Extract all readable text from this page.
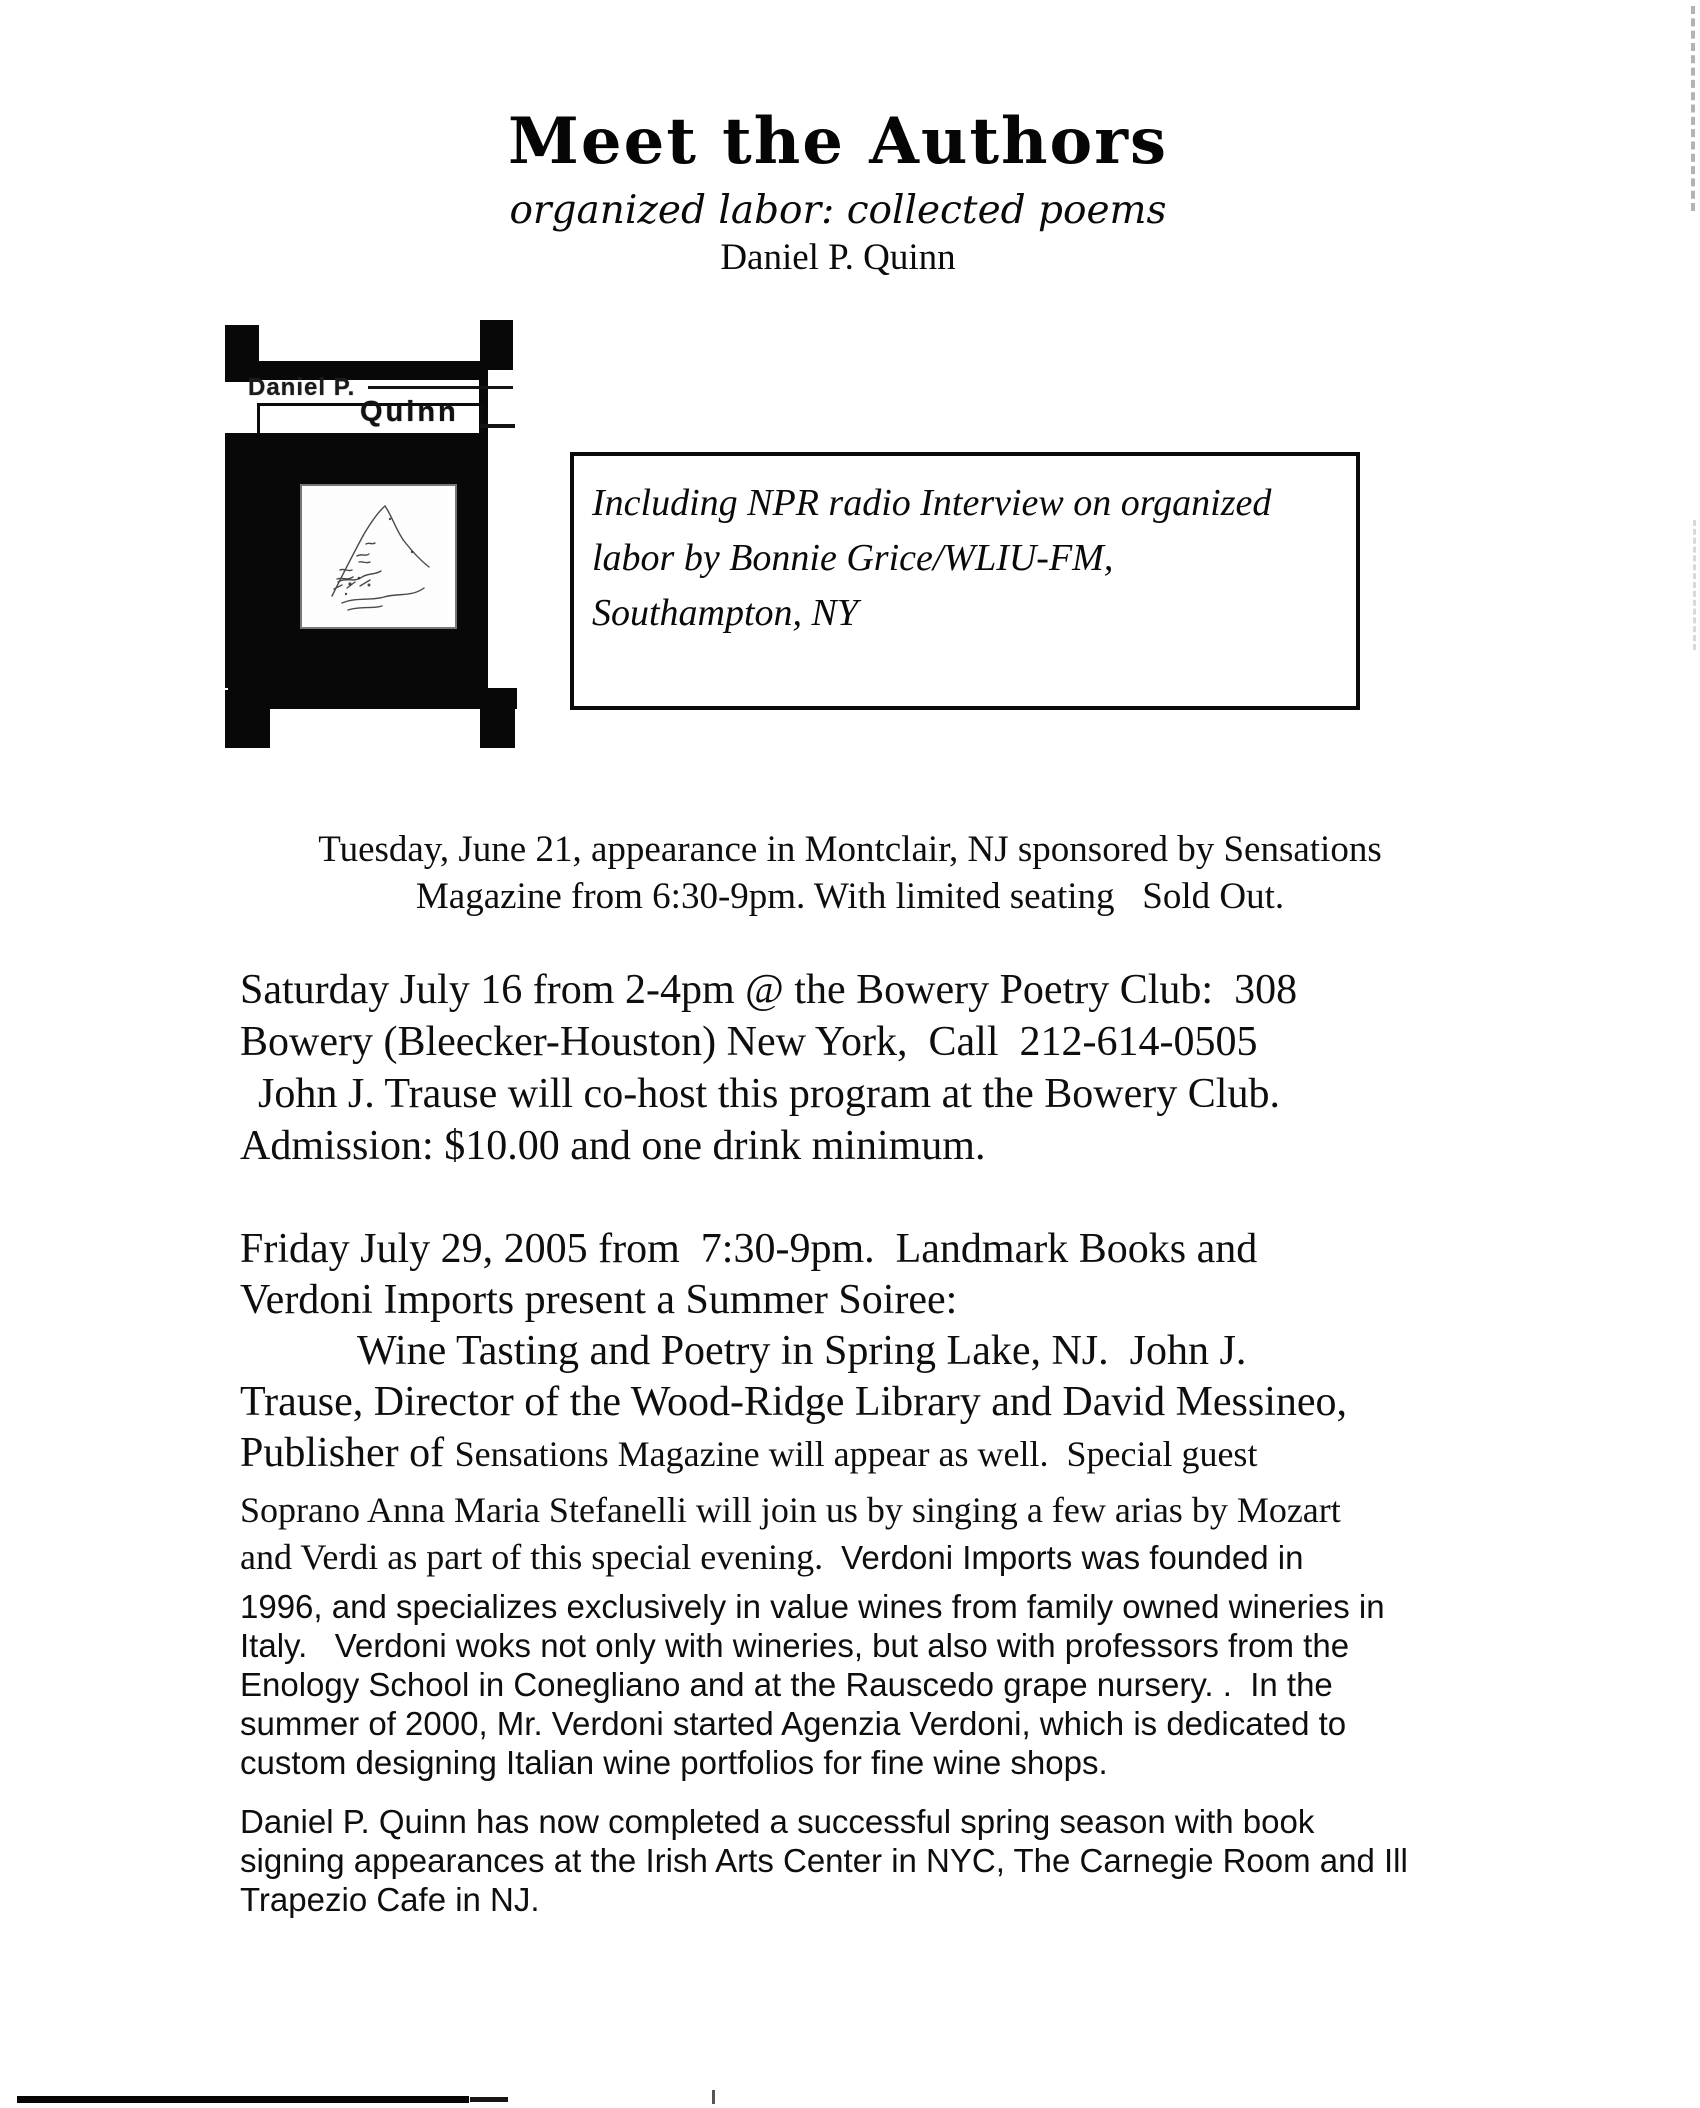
Meet the Authors
organized labor: collected poems
Daniel P. Quinn
Daniel P.
Quinn
Including NPR radio Interview on organized
labor by Bonnie Grice/WLIU-FM,
Southampton, NY
Tuesday, June 21, appearance in Montclair, NJ sponsored by Sensations
Magazine from 6:30-9pm. With limited seating   Sold Out.
Saturday July 16 from 2-4pm @ the Bowery Poetry Club:  308
Bowery (Bleecker-Houston) New York,  Call  212-614-0505
John J. Trause will co-host this program at the Bowery Club.
Admission: $10.00 and one drink minimum.
Friday July 29, 2005 from  7:30-9pm.  Landmark Books and
Verdoni Imports present a Summer Soiree:
Wine Tasting and Poetry in Spring Lake, NJ.  John J.
Trause, Director of the Wood-Ridge Library and David Messineo,
Publisher of Sensations Magazine will appear as well.  Special guest
Soprano Anna Maria Stefanelli will join us by singing a few arias by Mozart
and Verdi as part of this special evening.  Verdoni Imports was founded in
1996, and specializes exclusively in value wines from family owned wineries in
Italy.   Verdoni woks not only with wineries, but also with professors from the
Enology School in Conegliano and at the Rauscedo grape nursery. .  In the
summer of 2000, Mr. Verdoni started Agenzia Verdoni, which is dedicated to
custom designing Italian wine portfolios for fine wine shops.
Daniel P. Quinn has now completed a successful spring season with book
signing appearances at the Irish Arts Center in NYC, The Carnegie Room and Ill
Trapezio Cafe in NJ.
